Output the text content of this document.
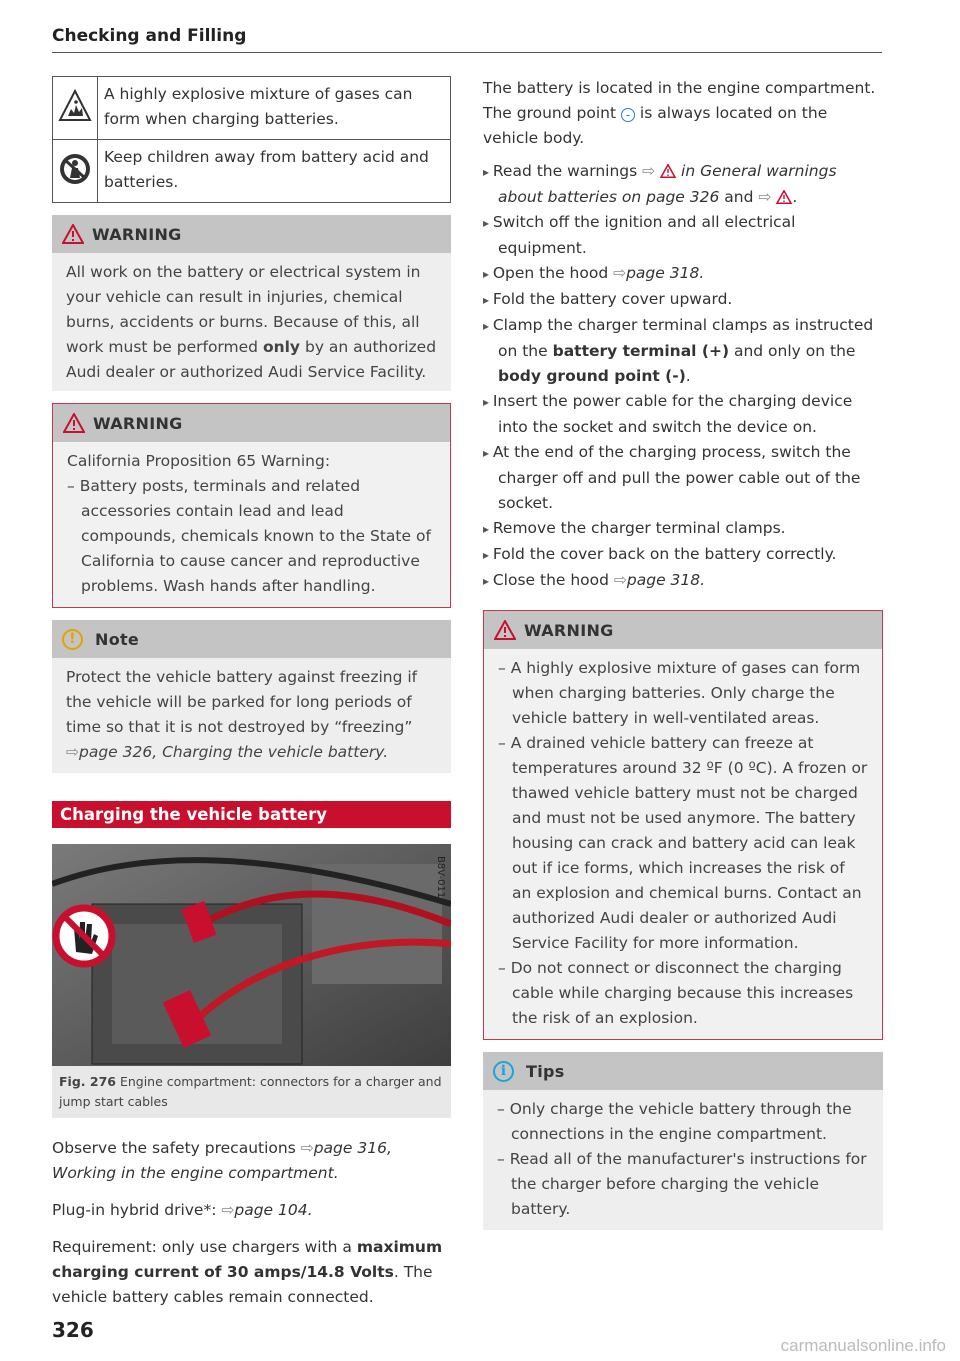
Checking and Filling
	A highly explosive mixture of gases can form when charging batteries.
	Keep children away from battery acid and batteries.
WARNING
All work on the battery or electrical system in your vehicle can result in injuries, chemical burns, accidents or burns. Because of this, all work must be performed only by an authorized Audi dealer or authorized Audi Service Facility.
WARNING
California Proposition 65 Warning:
– Battery posts, terminals and related accessories contain lead and lead compounds, chemicals known to the State of California to cause cancer and reproductive problems. Wash hands after handling.
!	Note
Protect the vehicle battery against freezing if the vehicle will be parked for long periods of time so that it is not destroyed by “freezing” ⇨page 326, Charging the vehicle battery.
Charging the vehicle battery
B8V-0117
Fig. 276 Engine compartment: connectors for a charger and jump start cables
Observe the safety precautions ⇨page 316, Working in the engine compartment.
Plug-in hybrid drive*: ⇨page 104.
Requirement: only use chargers with a maximum charging current of 30 amps/14.8 Volts. The vehicle battery cables remain connected.
The battery is located in the engine compartment. The ground point - is always located on the vehicle body.
▸ Read the warnings ⇨ in General warnings about batteries on page 326 and ⇨ .
▸ Switch off the ignition and all electrical equipment.
▸ Open the hood ⇨page 318.
▸ Fold the battery cover upward.
▸ Clamp the charger terminal clamps as instructed on the battery terminal (+) and only on the body ground point (-).
▸ Insert the power cable for the charging device into the socket and switch the device on.
▸ At the end of the charging process, switch the charger off and pull the power cable out of the socket.
▸ Remove the charger terminal clamps.
▸ Fold the cover back on the battery correctly.
▸ Close the hood ⇨page 318.
WARNING
– A highly explosive mixture of gases can form when charging batteries. Only charge the vehicle battery in well-ventilated areas.
– A drained vehicle battery can freeze at temperatures around 32 ºF (0 ºC). A frozen or thawed vehicle battery must not be charged and must not be used anymore. The battery housing can crack and battery acid can leak out if ice forms, which increases the risk of an explosion and chemical burns. Contact an authorized Audi dealer or authorized Audi Service Facility for more information.
– Do not connect or disconnect the charging cable while charging because this increases the risk of an explosion.
i	Tips
– Only charge the vehicle battery through the connections in the engine compartment.
– Read all of the manufacturer's instructions for the charger before charging the vehicle battery.
326
carmanualsonline.info
